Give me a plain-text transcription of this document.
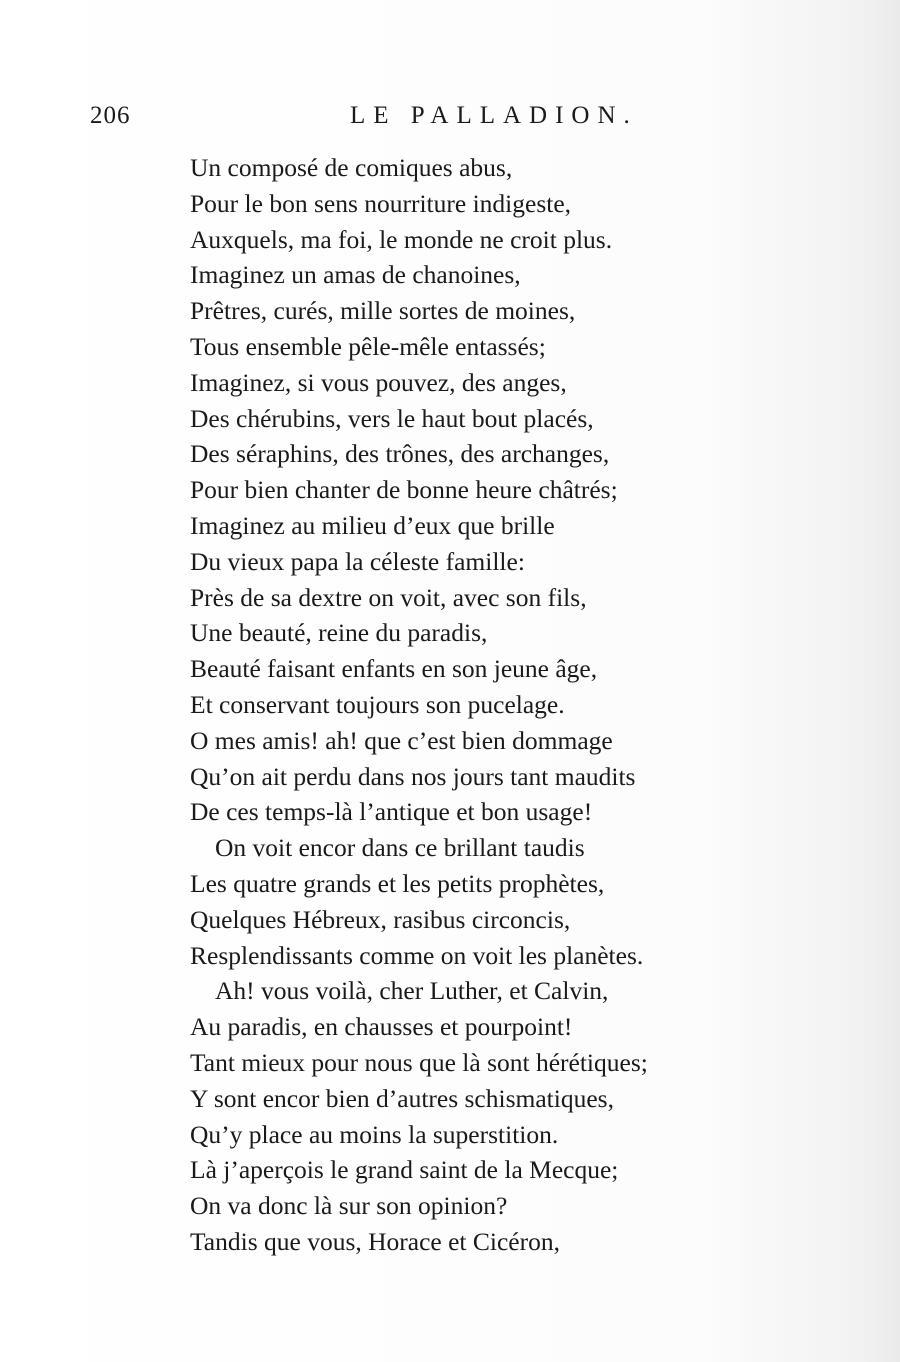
206	LE PALLADION.
Un composé de comiques abus,
Pour le bon sens nourriture indigeste,
Auxquels, ma foi, le monde ne croit plus.
Imaginez un amas de chanoines,
Prêtres, curés, mille sortes de moines,
Tous ensemble pêle-mêle entassés;
Imaginez, si vous pouvez, des anges,
Des chérubins, vers le haut bout placés,
Des séraphins, des trônes, des archanges,
Pour bien chanter de bonne heure châtrés;
Imaginez au milieu d’eux que brille
Du vieux papa la céleste famille:
Près de sa dextre on voit, avec son fils,
Une beauté, reine du paradis,
Beauté faisant enfants en son jeune âge,
Et conservant toujours son pucelage.
O mes amis! ah! que c’est bien dommage
Qu’on ait perdu dans nos jours tant maudits
De ces temps-là l’antique et bon usage!
On voit encor dans ce brillant taudis
Les quatre grands et les petits prophètes,
Quelques Hébreux, rasibus circoncis,
Resplendissants comme on voit les planètes.
Ah! vous voilà, cher Luther, et Calvin,
Au paradis, en chausses et pourpoint!
Tant mieux pour nous que là sont hérétiques;
Y sont encor bien d’autres schismatiques,
Qu’y place au moins la superstition.
Là j’aperçois le grand saint de la Mecque;
On va donc là sur son opinion?
Tandis que vous, Horace et Cicéron,
